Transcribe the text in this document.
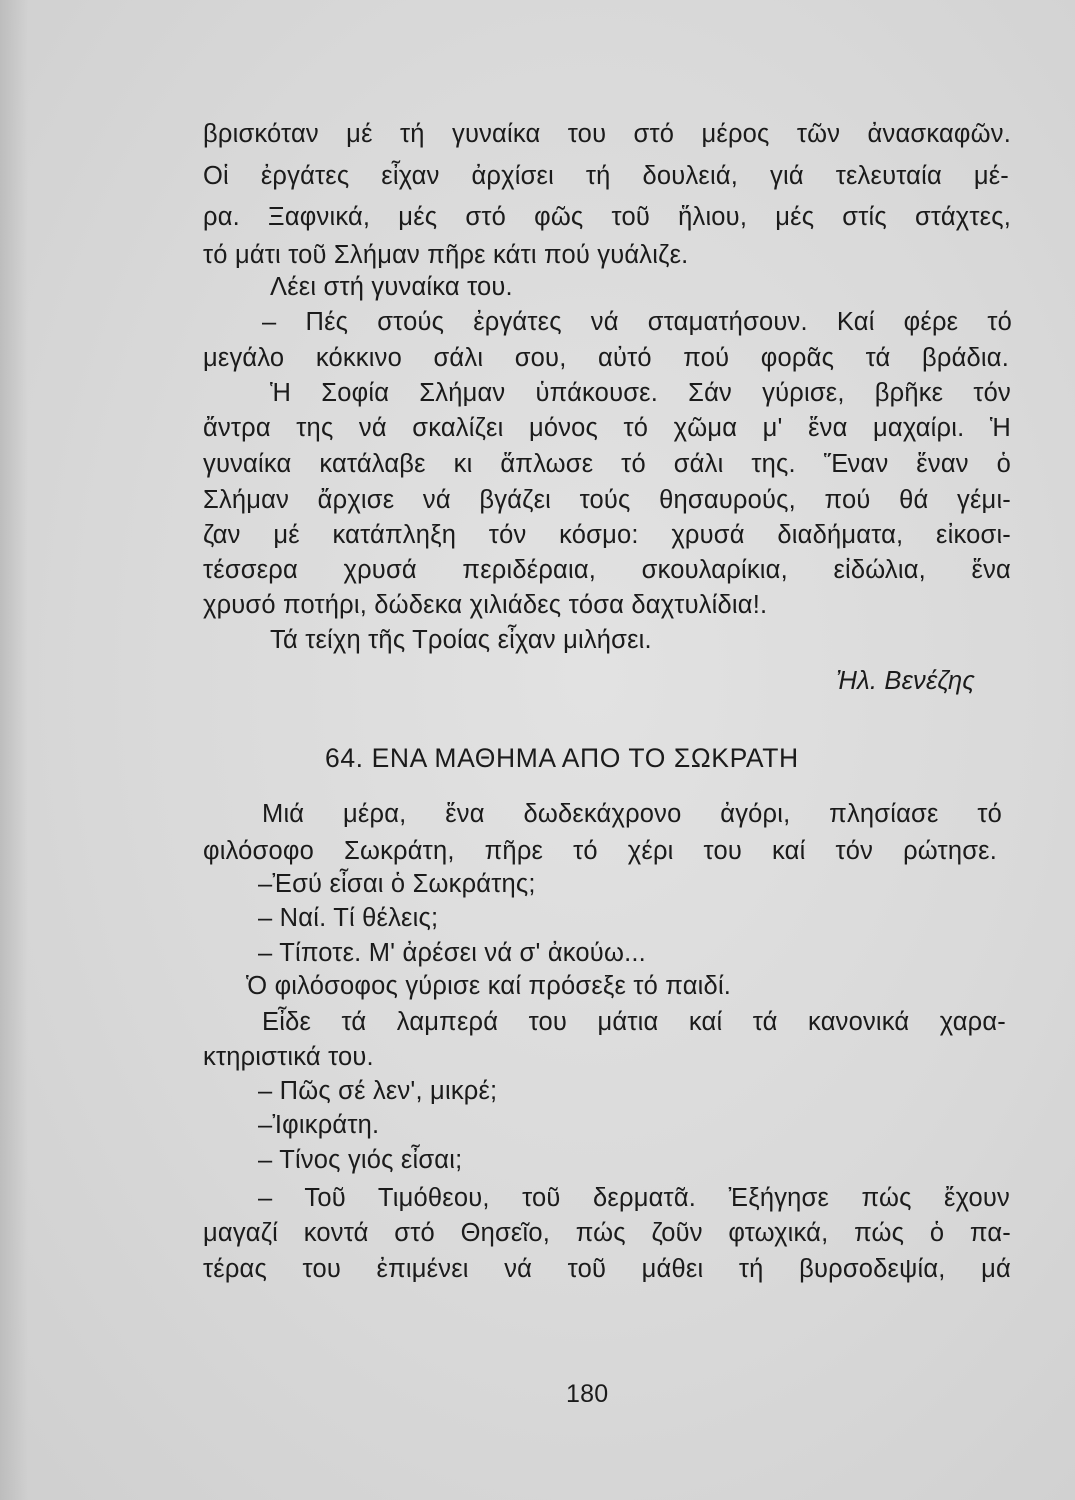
βρισκόταν μέ τή γυναίκα του στό μέρος τῶν ἀνασκαφῶν.
Οἱ ἐργάτες εἶχαν ἀρχίσει τή δουλειά, γιά τελευταία μέ-
ρα. Ξαφνικά, μές στό φῶς τοῦ ἥλιου, μές στίς στάχτες,
τό μάτι τοῦ Σλήμαν πῆρε κάτι πού γυάλιζε.
Λέει στή γυναίκα του.
– Πές στούς ἐργάτες νά σταματήσουν. Καί φέρε τό
μεγάλο κόκκινο σάλι σου, αὐτό πού φορᾶς τά βράδια.
Ἡ Σοφία Σλήμαν ὑπάκουσε. Σάν γύρισε, βρῆκε τόν
ἄντρα της νά σκαλίζει μόνος τό χῶμα μ' ἕνα μαχαίρι. Ἡ
γυναίκα κατάλαβε κι ἅπλωσε τό σάλι της. Ἕναν ἕναν ὁ
Σλήμαν ἄρχισε νά βγάζει τούς θησαυρούς, πού θά γέμι-
ζαν μέ κατάπληξη τόν κόσμο: χρυσά διαδήματα, εἰκοσι-
τέσσερα χρυσά περιδέραια, σκουλαρίκια, εἰδώλια, ἕνα
χρυσό ποτήρι, δώδεκα χιλιάδες τόσα δαχτυλίδια!.
Τά τείχη τῆς Τροίας εἶχαν μιλήσει.
Ἠλ. Βενέζης
64. ΕΝΑ ΜΑΘΗΜΑ ΑΠΟ ΤΟ ΣΩΚΡΑΤΗ
Μιά μέρα, ἕνα δωδεκάχρονο ἀγόρι, πλησίασε τό
φιλόσοφο Σωκράτη, πῆρε τό χέρι του καί τόν ρώτησε.
–Ἐσύ εἶσαι ὁ Σωκράτης;
– Ναί. Τί θέλεις;
– Τίποτε. Μ' ἀρέσει νά σ' ἀκούω...
Ὁ φιλόσοφος γύρισε καί πρόσεξε τό παιδί.
Εἶδε τά λαμπερά του μάτια καί τά κανονικά χαρα-
κτηριστικά του.
– Πῶς σέ λεν', μικρέ;
–Ἰφικράτη.
– Τίνος γιός εἶσαι;
– Τοῦ Τιμόθεου, τοῦ δερματᾶ. Ἐξήγησε πώς ἔχουν
μαγαζί κοντά στό Θησεῖο, πώς ζοῦν φτωχικά, πώς ὁ πα-
τέρας του ἐπιμένει νά τοῦ μάθει τή βυρσοδεψία, μά
180
